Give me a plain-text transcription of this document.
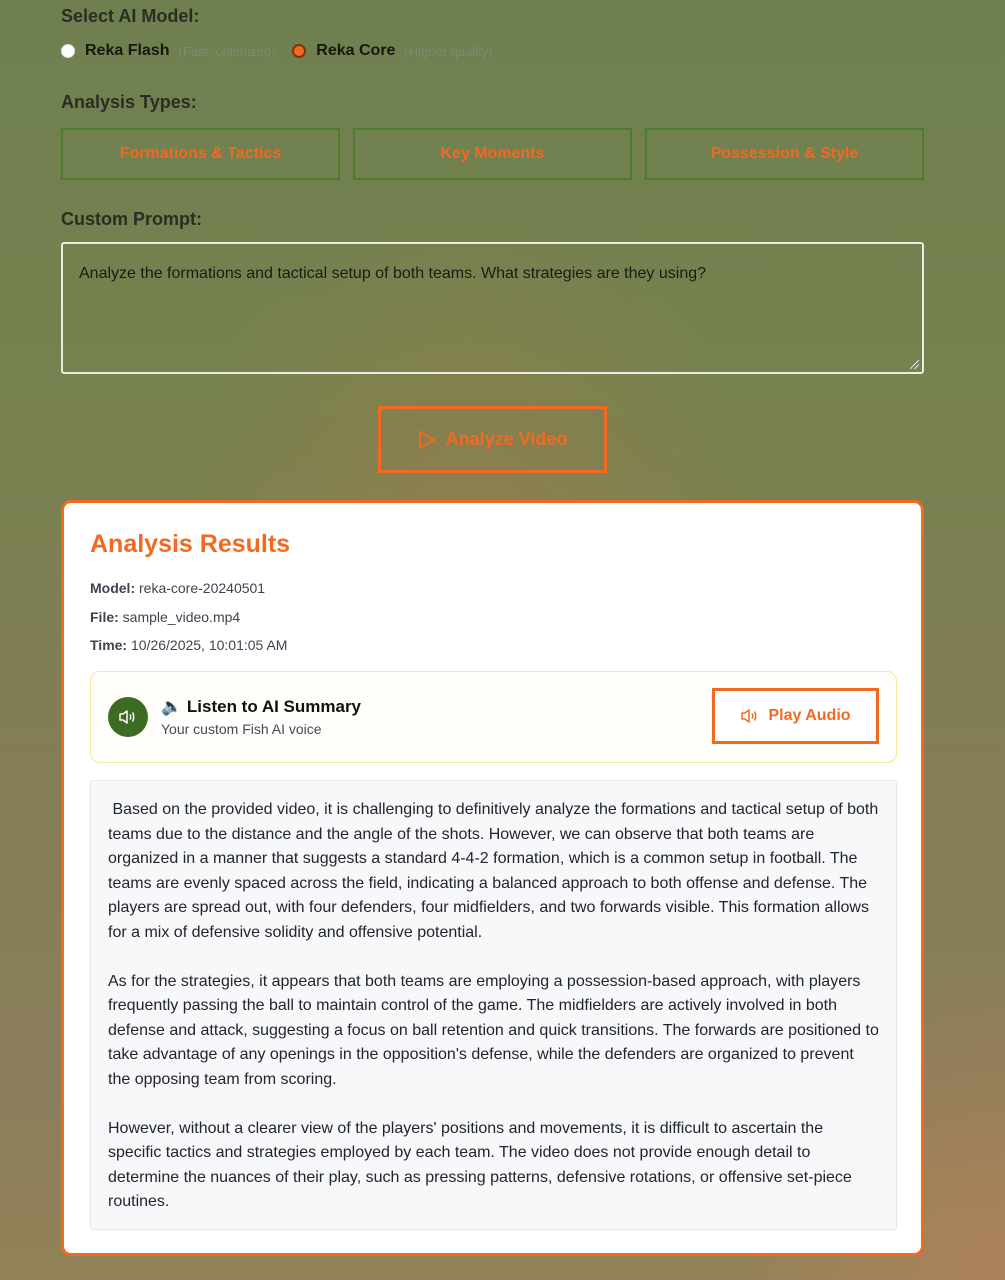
Select AI Model:
Reka Flash (Fast, optimized)	Reka Core (Higher quality)
Analysis Types:
Formations & Tactics	Key Moments	Possession & Style
Custom Prompt:
Analyze the formations and tactical setup of both teams. What strategies are they using?
Analyze Video
Analysis Results
Model: reka-core-20240501
File: sample_video.mp4
Time: 10/26/2025, 10:01:05 AM
🔈 Listen to AI Summary
Your custom Fish AI voice
Play Audio

Based on the provided video, it is challenging to definitively analyze the formations and tactical setup of both teams due to the distance and the angle of the shots. However, we can observe that both teams are organized in a manner that suggests a standard 4-4-2 formation, which is a common setup in football. The teams are evenly spaced across the field, indicating a balanced approach to both offense and defense. The players are spread out, with four defenders, four midfielders, and two forwards visible. This formation allows for a mix of defensive solidity and offensive potential.

As for the strategies, it appears that both teams are employing a possession-based approach, with players frequently passing the ball to maintain control of the game. The midfielders are actively involved in both defense and attack, suggesting a focus on ball retention and quick transitions. The forwards are positioned to take advantage of any openings in the opposition's defense, while the defenders are organized to prevent the opposing team from scoring.

However, without a clearer view of the players' positions and movements, it is difficult to ascertain the specific tactics and strategies employed by each team. The video does not provide enough detail to determine the nuances of their play, such as pressing patterns, defensive rotations, or offensive set-piece routines.
